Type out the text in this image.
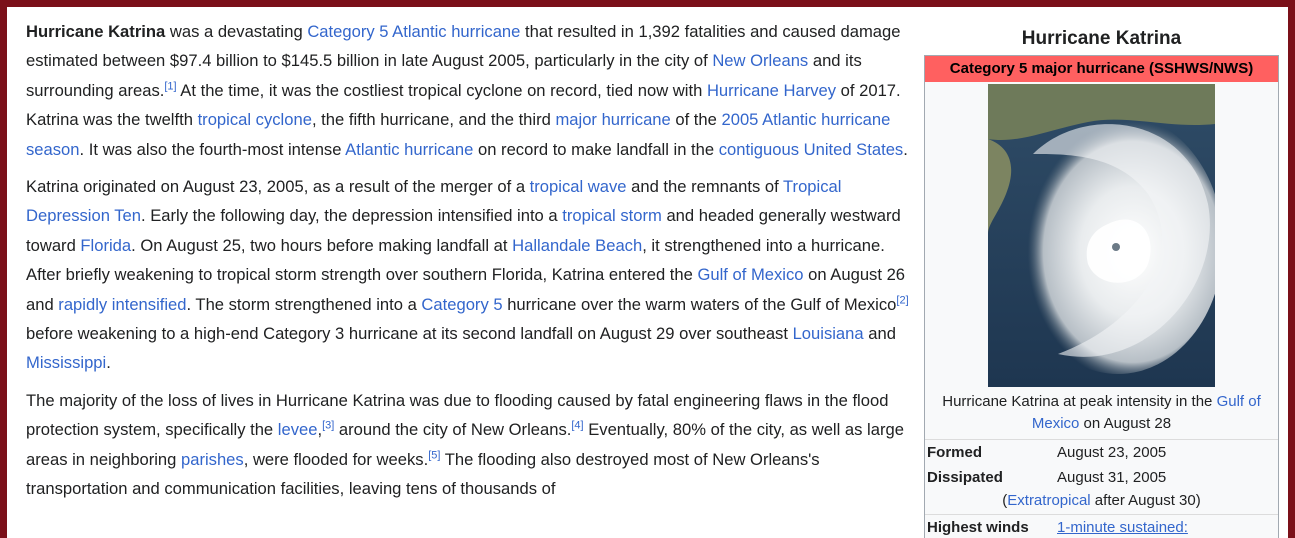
Hurricane Katrina was a devastating Category 5 Atlantic hurricane that resulted in 1,392 fatalities and caused damage estimated between $97.4 billion to $145.5 billion in late August 2005, particularly in the city of New Orleans and its surrounding areas.[1] At the time, it was the costliest tropical cyclone on record, tied now with Hurricane Harvey of 2017. Katrina was the twelfth tropical cyclone, the fifth hurricane, and the third major hurricane of the 2005 Atlantic hurricane season. It was also the fourth-most intense Atlantic hurricane on record to make landfall in the contiguous United States.

Katrina originated on August 23, 2005, as a result of the merger of a tropical wave and the remnants of Tropical Depression Ten. Early the following day, the depression intensified into a tropical storm and headed generally westward toward Florida. On August 25, two hours before making landfall at Hallandale Beach, it strengthened into a hurricane. After briefly weakening to tropical storm strength over southern Florida, Katrina entered the Gulf of Mexico on August 26 and rapidly intensified. The storm strengthened into a Category 5 hurricane over the warm waters of the Gulf of Mexico[2] before weakening to a high-end Category 3 hurricane at its second landfall on August 29 over southeast Louisiana and Mississippi.

The majority of the loss of lives in Hurricane Katrina was due to flooding caused by fatal engineering flaws in the flood protection system, specifically the levee,[3] around the city of New Orleans.[4] Eventually, 80% of the city, as well as large areas in neighboring parishes, were flooded for weeks.[5] The flooding also destroyed most of New Orleans's transportation and communication facilities, leaving tens of thousands of

Hurricane Katrina
Category 5 major hurricane (SSHWS/NWS)
Hurricane Katrina at peak intensity in the Gulf of Mexico on August 28
Formed	August 23, 2005
Dissipated	August 31, 2005
(Extratropical after August 30)
Highest winds	1-minute sustained:
